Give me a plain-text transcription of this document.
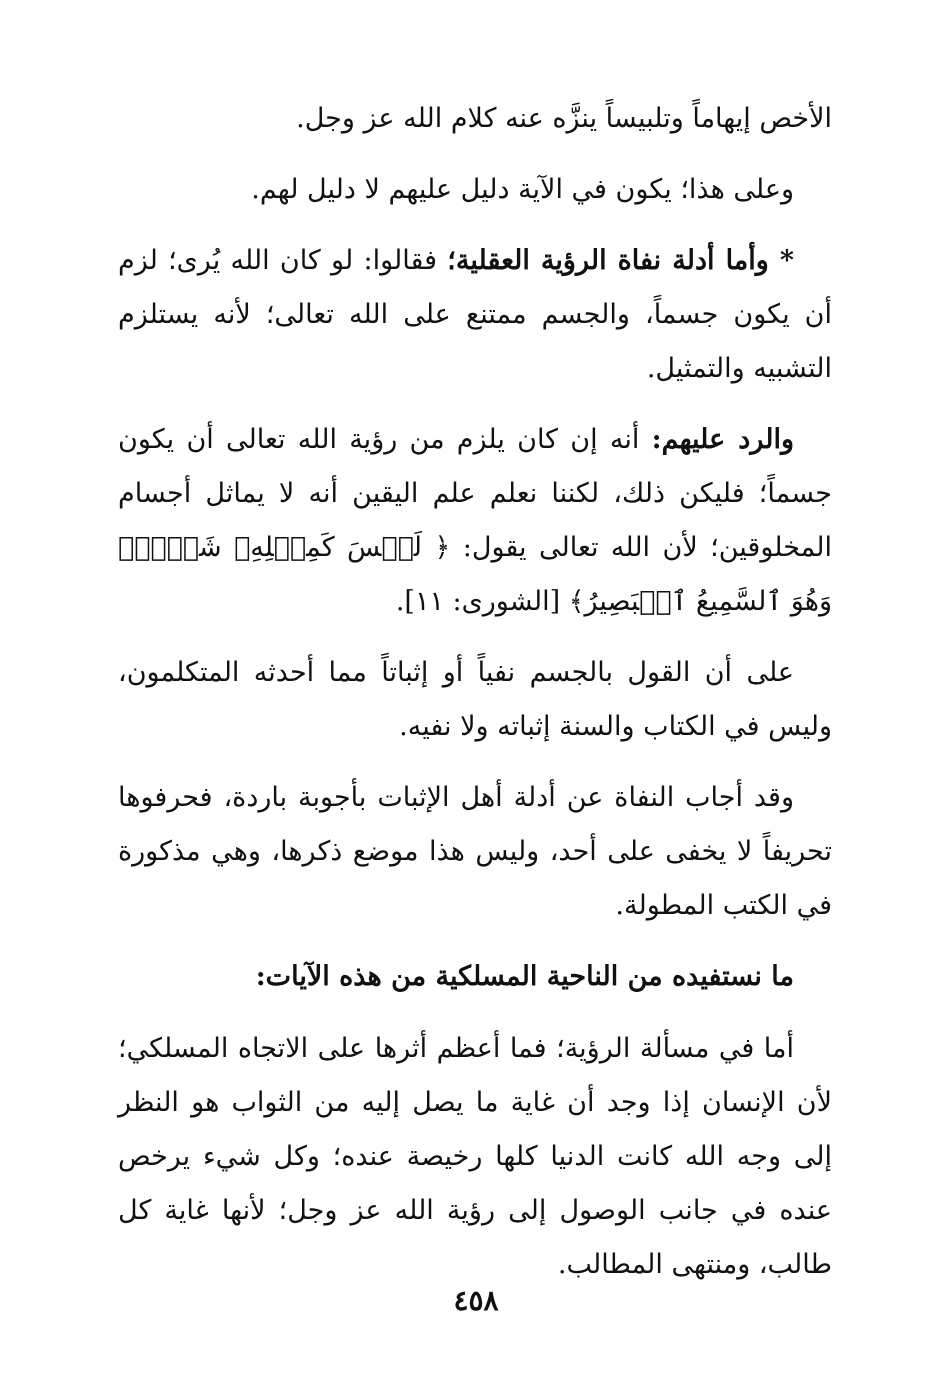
الأخص إيهاماً وتلبيساً ينزَّه عنه كلام الله عز وجل.

وعلى هذا؛ يكون في الآية دليل عليهم لا دليل لهم.

* وأما أدلة نفاة الرؤية العقلية؛ فقالوا: لو كان الله يُرى؛ لزم أن يكون جسماً، والجسم ممتنع على الله تعالى؛ لأنه يستلزم التشبيه والتمثيل.

والرد عليهم: أنه إن كان يلزم من رؤية الله تعالى أن يكون جسماً؛ فليكن ذلك، لكننا نعلم علم اليقين أنه لا يماثل أجسام المخلوقين؛ لأن الله تعالى يقول: ﴿ لَيۡسَ كَمِثۡلِهِۦ شَيۡءٞۖ وَهُوَ ٱلسَّمِيعُ ٱلۡبَصِيرُ﴾ [الشورى: ١١].

على أن القول بالجسم نفياً أو إثباتاً مما أحدثه المتكلمون، وليس في الكتاب والسنة إثباته ولا نفيه.

وقد أجاب النفاة عن أدلة أهل الإثبات بأجوبة باردة، فحرفوها تحريفاً لا يخفى على أحد، وليس هذا موضع ذكرها، وهي مذكورة في الكتب المطولة.

ما نستفيده من الناحية المسلكية من هذه الآيات:

أما في مسألة الرؤية؛ فما أعظم أثرها على الاتجاه المسلكي؛ لأن الإنسان إذا وجد أن غاية ما يصل إليه من الثواب هو النظر إلى وجه الله كانت الدنيا كلها رخيصة عنده؛ وكل شيء يرخص عنده في جانب الوصول إلى رؤية الله عز وجل؛ لأنها غاية كل طالب، ومنتهى المطالب.

٤٥٨
